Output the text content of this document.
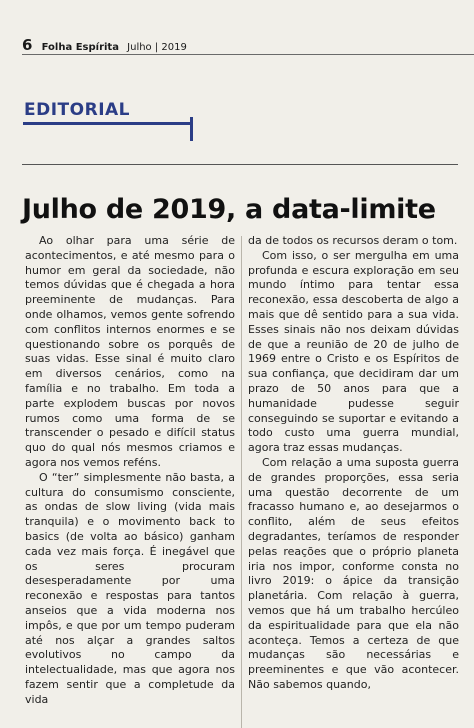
6 Folha Espírita Julho | 2019
EDITORIAL
Julho de 2019, a data-limite

Ao olhar para uma série de acontecimentos, e até mesmo para o humor em geral da sociedade, não temos dúvidas que é chegada a hora preeminente de mudanças. Para onde olhamos, vemos gente sofrendo com conflitos internos enormes e se questionando sobre os porquês de suas vidas. Esse sinal é muito claro em diversos cenários, como na família e no trabalho. Em toda a parte explodem buscas por novos rumos como uma forma de se transcender o pesado e difícil status quo do qual nós mesmos criamos e agora nos vemos reféns.

O “ter” simplesmente não basta, a cultura do consumismo consciente, as ondas de slow living (vida mais tranquila) e o movimento back to basics (de volta ao básico) ganham cada vez mais força. É inegável que os seres procuram desesperadamente por uma reconexão e respostas para tantos anseios que a vida moderna nos impôs, e que por um tempo puderam até nos alçar a grandes saltos evolutivos no campo da intelectualidade, mas que agora nos fazem sentir que a completude da vida

da de todos os recursos deram o tom.

Com isso, o ser mergulha em uma profunda e escura exploração em seu mundo íntimo para tentar essa reconexão, essa descoberta de algo a mais que dê sentido para a sua vida. Esses sinais não nos deixam dúvidas de que a reunião de 20 de julho de 1969 entre o Cristo e os Espíritos de sua confiança, que decidiram dar um prazo de 50 anos para que a humanidade pudesse seguir conseguindo se suportar e evitando a todo custo uma guerra mundial, agora traz essas mudanças.

Com relação a uma suposta guerra de grandes proporções, essa seria uma questão decorrente de um fracasso humano e, ao desejarmos o conflito, além de seus efeitos degradantes, teríamos de responder pelas reações que o próprio planeta iria nos impor, conforme consta no livro 2019: o ápice da transição planetária. Com relação à guerra, vemos que há um trabalho hercúleo da espiritualidade para que ela não aconteça. Temos a certeza de que mudanças são necessárias e preeminentes e que vão acontecer. Não sabemos quando,
